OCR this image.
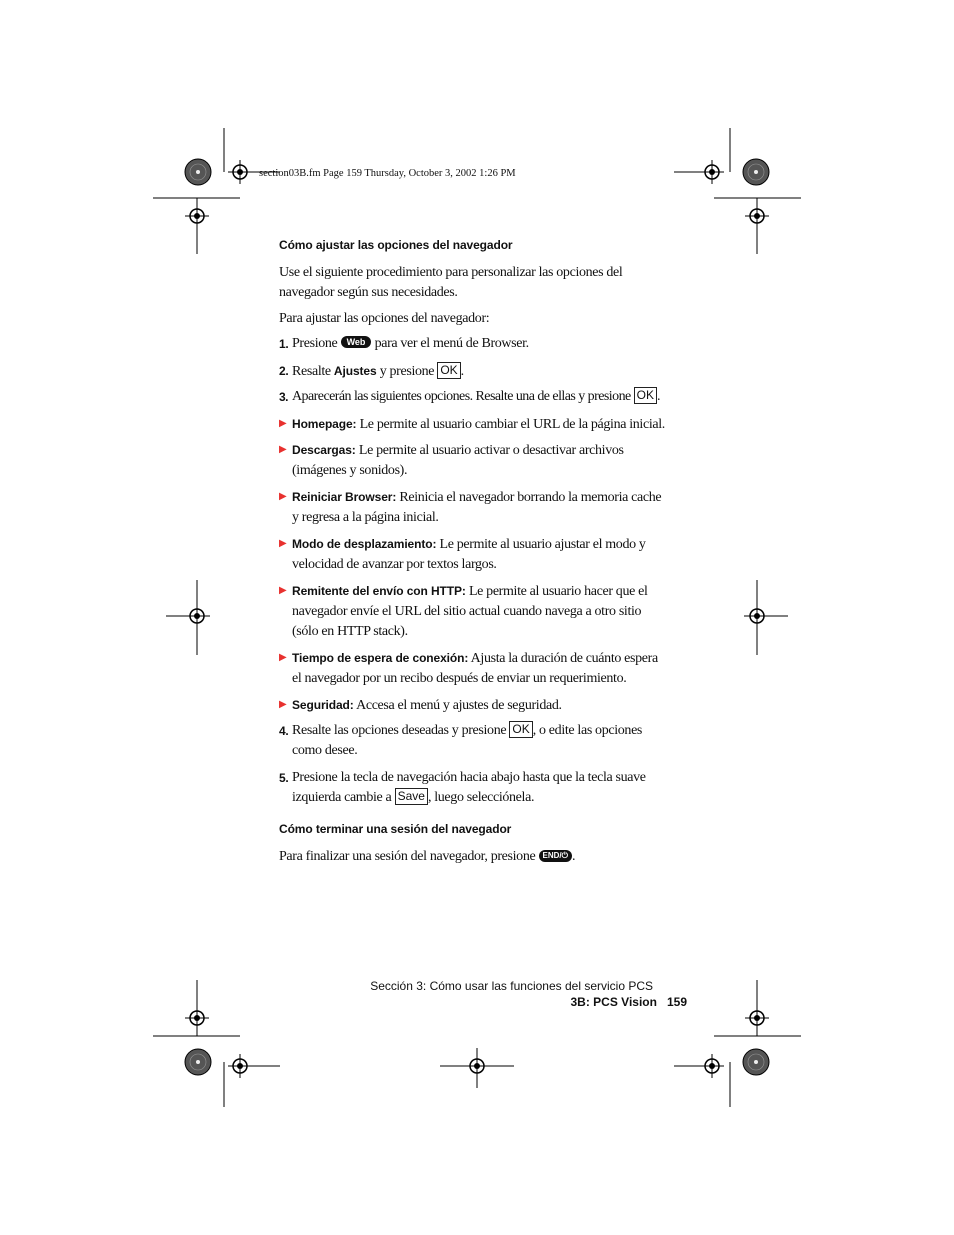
section03B.fm Page 159 Thursday, October 3, 2002 1:26 PM
Cómo ajustar las opciones del navegador
Use el siguiente procedimiento para personalizar las opciones del navegador según sus necesidades.
Para ajustar las opciones del navegador:
1. Presione Web para ver el menú de Browser.
2. Resalte Ajustes y presione OK .
3. Aparecerán las siguientes opciones. Resalte una de ellas y presione OK .
▶ Homepage: Le permite al usuario cambiar el URL de la página inicial.
▶ Descargas: Le permite al usuario activar o desactivar archivos (imágenes y sonidos).
▶ Reiniciar Browser: Reinicia el navegador borrando la memoria cache y regresa a la página inicial.
▶ Modo de desplazamiento: Le permite al usuario ajustar el modo y velocidad de avanzar por textos largos.
▶ Remitente del envío con HTTP: Le permite al usuario hacer que el navegador envíe el URL del sitio actual cuando navega a otro sitio (sólo en HTTP stack).
▶ Tiempo de espera de conexión: Ajusta la duración de cuánto espera el navegador por un recibo después de enviar un requerimiento.
▶ Seguridad: Accesa el menú y ajustes de seguridad.
4. Resalte las opciones deseadas y presione OK , o edite las opciones como desee.
5. Presione la tecla de navegación hacia abajo hasta que la tecla suave izquierda cambie a Save , luego selecciónela.
Cómo terminar una sesión del navegador
Para finalizar una sesión del navegador, presione END/⏻ .
Sección 3: Cómo usar las funciones del servicio PCS
3B: PCS Vision 159
